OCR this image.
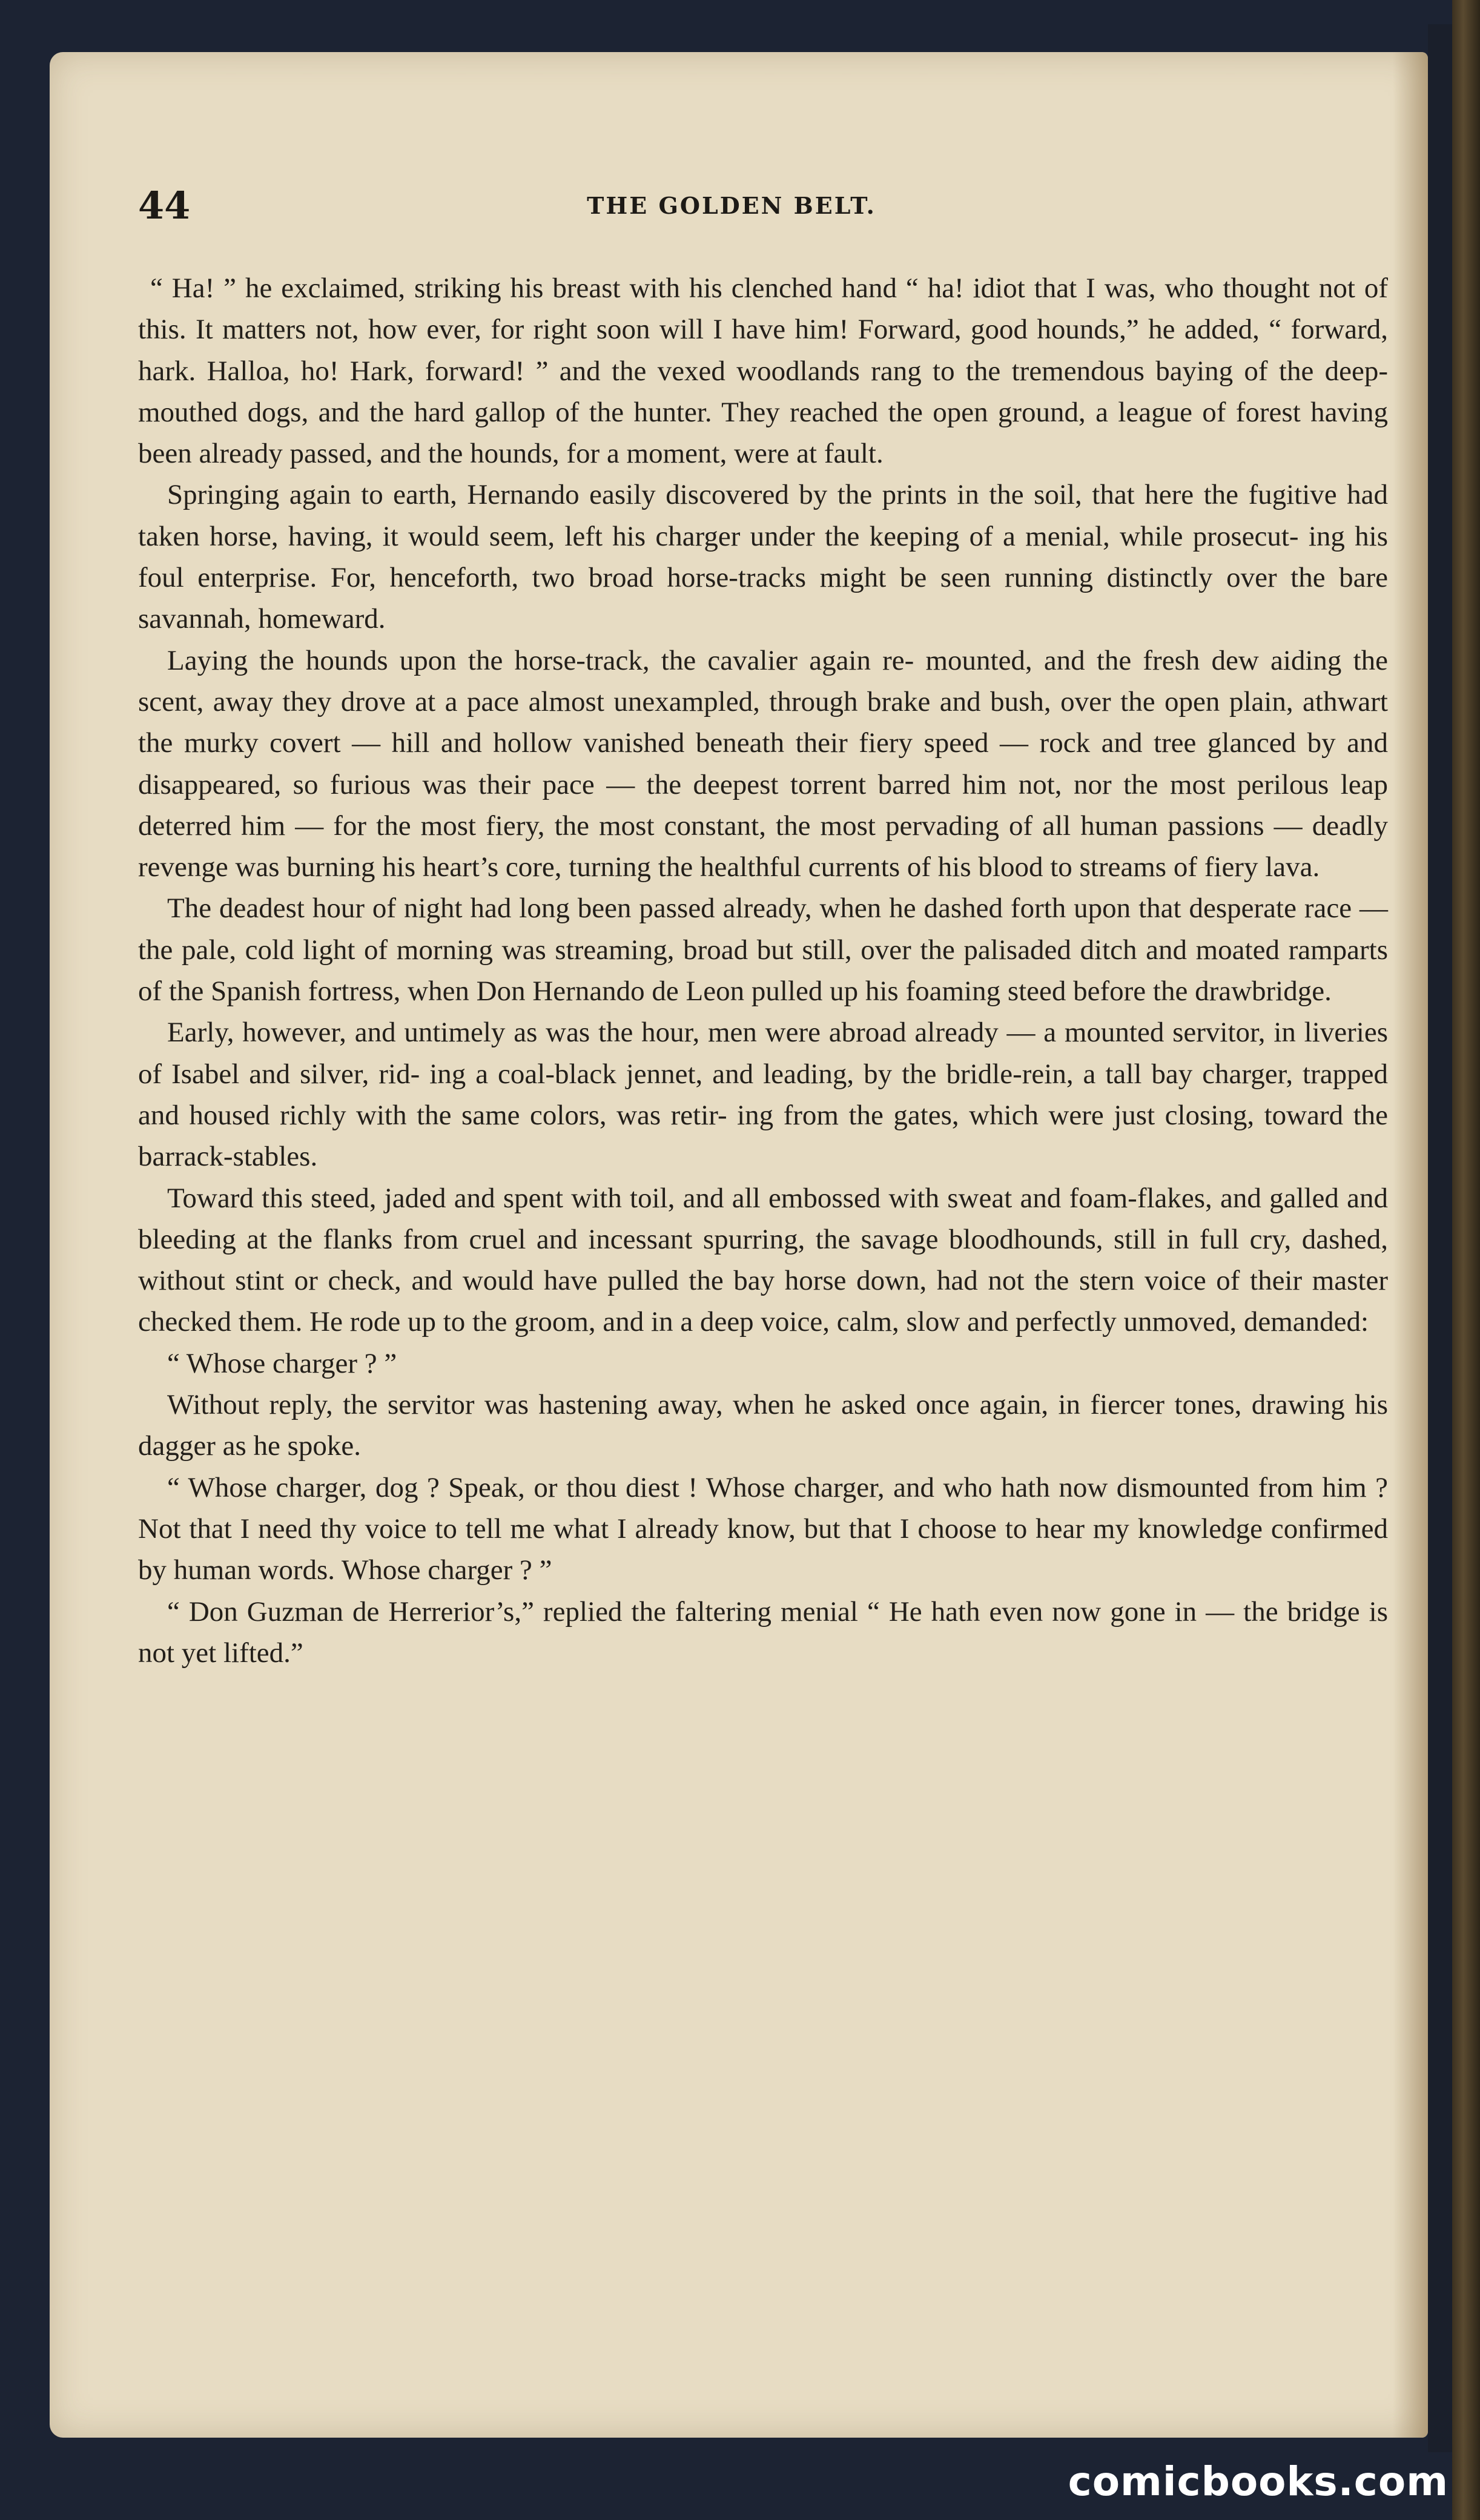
44	THE GOLDEN BELT.

“ Ha! ” he exclaimed, striking his breast with his clenched hand “ ha! idiot that I was, who thought not of this. It matters not, how ever, for right soon will I have him! Forward, good hounds,” he added, “ forward, hark. Halloa, ho! Hark, forward! ” and the vexed woodlands rang to the tremendous baying of the deep-mouthed dogs, and the hard gallop of the hunter. They reached the open ground, a league of forest having been already passed, and the hounds, for a moment, were at fault.

Springing again to earth, Hernando easily discovered by the prints in the soil, that here the fugitive had taken horse, having, it would seem, left his charger under the keeping of a menial, while prosecut- ing his foul enterprise. For, henceforth, two broad horse-tracks might be seen running distinctly over the bare savannah, homeward.

Laying the hounds upon the horse-track, the cavalier again re- mounted, and the fresh dew aiding the scent, away they drove at a pace almost unexampled, through brake and bush, over the open plain, athwart the murky covert — hill and hollow vanished beneath their fiery speed — rock and tree glanced by and disappeared, so furious was their pace — the deepest torrent barred him not, nor the most perilous leap deterred him — for the most fiery, the most constant, the most pervading of all human passions — deadly revenge was burning his heart’s core, turning the healthful currents of his blood to streams of fiery lava.

The deadest hour of night had long been passed already, when he dashed forth upon that desperate race — the pale, cold light of morning was streaming, broad but still, over the palisaded ditch and moated ramparts of the Spanish fortress, when Don Hernando de Leon pulled up his foaming steed before the drawbridge.

Early, however, and untimely as was the hour, men were abroad already — a mounted servitor, in liveries of Isabel and silver, rid- ing a coal-black jennet, and leading, by the bridle-rein, a tall bay charger, trapped and housed richly with the same colors, was retir- ing from the gates, which were just closing, toward the barrack-stables.

Toward this steed, jaded and spent with toil, and all embossed with sweat and foam-flakes, and galled and bleeding at the flanks from cruel and incessant spurring, the savage bloodhounds, still in full cry, dashed, without stint or check, and would have pulled the bay horse down, had not the stern voice of their master checked them. He rode up to the groom, and in a deep voice, calm, slow and perfectly unmoved, demanded:

“ Whose charger ? ”

Without reply, the servitor was hastening away, when he asked once again, in fiercer tones, drawing his dagger as he spoke.

“ Whose charger, dog ? Speak, or thou diest ! Whose charger, and who hath now dismounted from him ? Not that I need thy voice to tell me what I already know, but that I choose to hear my knowledge confirmed by human words. Whose charger ? ”

“ Don Guzman de Herrerior’s,” replied the faltering menial “ He hath even now gone in — the bridge is not yet lifted.”

comicbooks.com
